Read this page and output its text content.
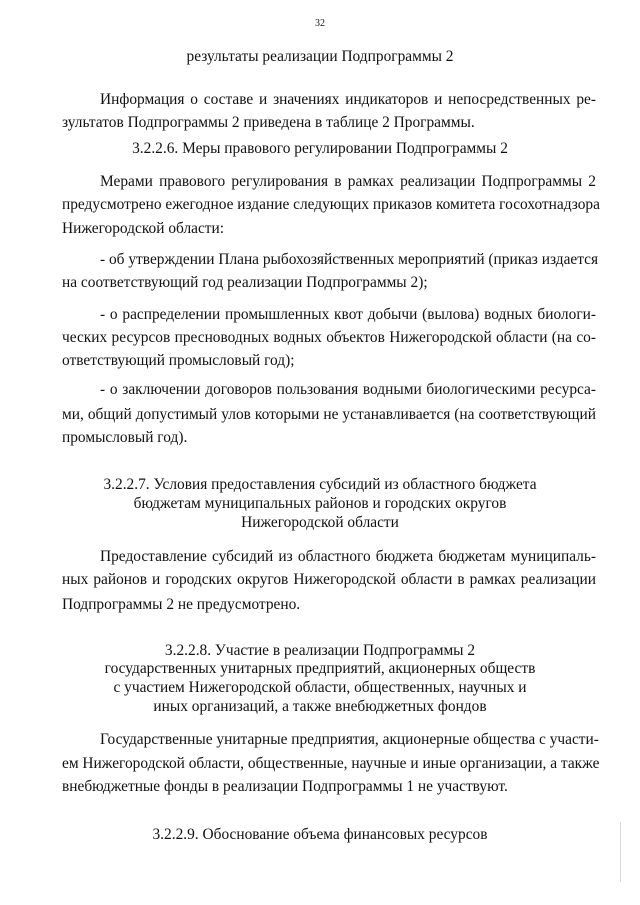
32
результаты реализации Подпрограммы 2
Информация о составе и значениях индикаторов и непосредственных ре-
зультатов Подпрограммы 2 приведена в таблице 2 Программы.
3.2.2.6. Меры правового регулировании Подпрограммы 2
Мерами правового регулирования в рамках реализации Подпрограммы 2
предусмотрено ежегодное издание следующих приказов комитета госохотнадзора
Нижегородской области:
- об утверждении Плана рыбохозяйственных мероприятий (приказ издается
на соответствующий год реализации Подпрограммы 2);
- о распределении промышленных квот добычи (вылова) водных биологи-
ческих ресурсов пресноводных водных объектов Нижегородской области (на со-
ответствующий промысловый год);
- о заключении договоров пользования водными биологическими ресурса-
ми, общий допустимый улов которыми не устанавливается (на соответствующий
промысловый год).
3.2.2.7. Условия предоставления субсидий из областного бюджета
бюджетам муниципальных районов и городских округов
Нижегородской области
Предоставление субсидий из областного бюджета бюджетам муниципаль-
ных районов и городских округов Нижегородской области в рамках реализации
Подпрограммы 2 не предусмотрено.
3.2.2.8. Участие в реализации Подпрограммы 2
государственных унитарных предприятий, акционерных обществ
с участием Нижегородской области, общественных, научных и
иных организаций, а также внебюджетных фондов
Государственные унитарные предприятия, акционерные общества с участи-
ем Нижегородской области, общественные, научные и иные организации, а также
внебюджетные фонды в реализации Подпрограммы 1 не участвуют.
3.2.2.9. Обоснование объема финансовых ресурсов
